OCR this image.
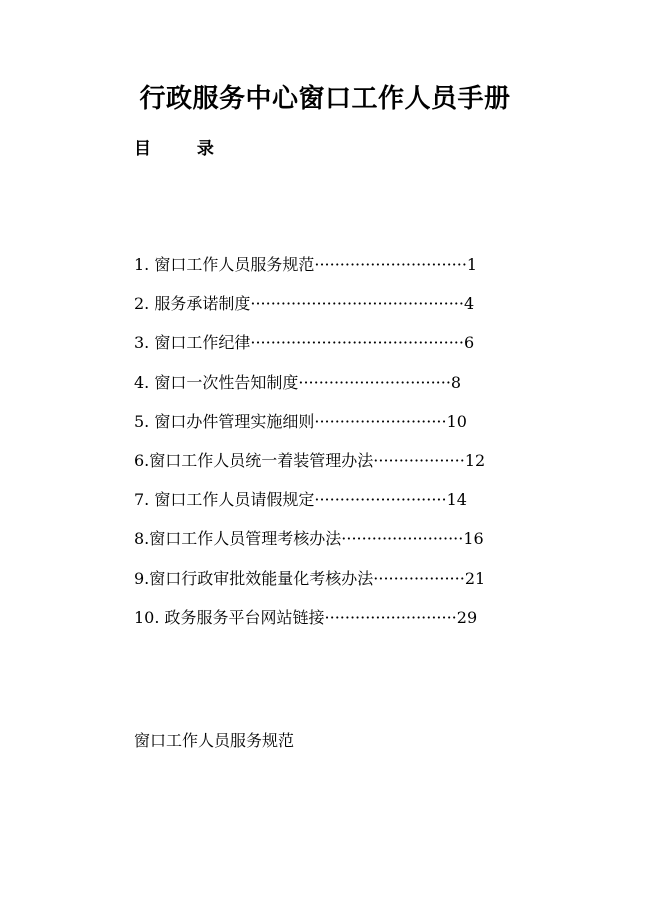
行政服务中心窗口工作人员手册
目 录
1. 窗口工作人员服务规范······························1
2. 服务承诺制度··········································4
3. 窗口工作纪律··········································6
4. 窗口一次性告知制度······························8
5. 窗口办件管理实施细则··························10
6.窗口工作人员统一着装管理办法··················12
7. 窗口工作人员请假规定··························14
8.窗口工作人员管理考核办法························16
9.窗口行政审批效能量化考核办法··················21
10. 政务服务平台网站链接··························29
窗口工作人员服务规范
